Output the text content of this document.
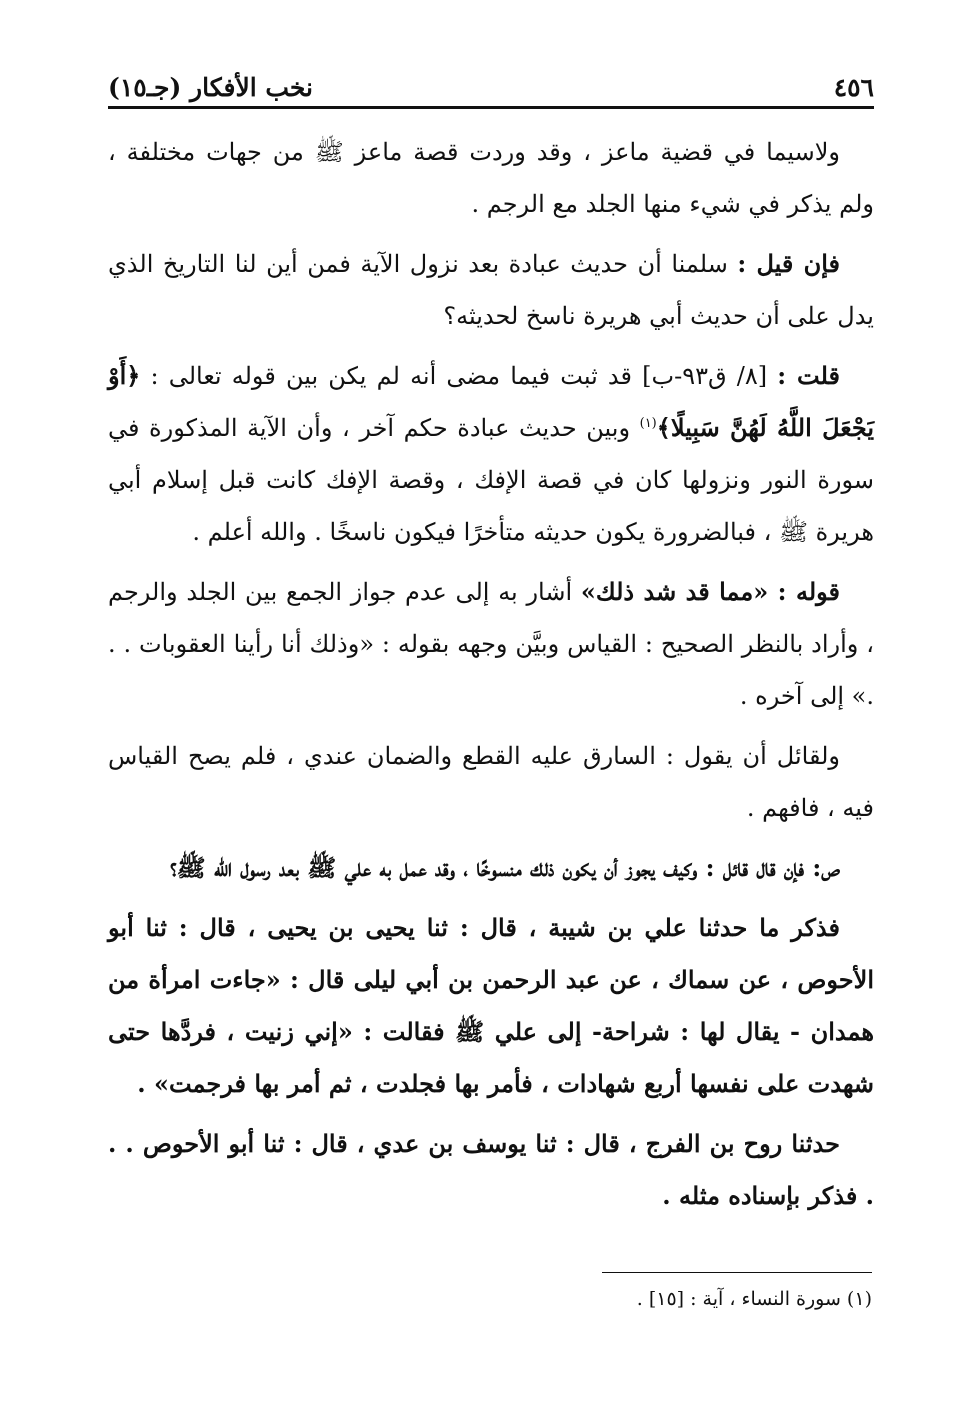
٤٥٦
نخب الأفكار (جـ١٥)

ولاسيما في قضية ماعز ، وقد وردت قصة ماعز ﷺ من جهات مختلفة ، ولم يذكر في شيء منها الجلد مع الرجم .

فإن قيل : سلمنا أن حديث عبادة بعد نزول الآية فمن أين لنا التاريخ الذي يدل على أن حديث أبي هريرة ناسخ لحديثه؟

قلت : [٨/ ق٩٣-ب] قد ثبت فيما مضى أنه لم يكن بين قوله تعالى : ﴿أَوْ يَجْعَلَ اللَّهُ لَهُنَّ سَبِيلًا﴾$^{(١)}$ وبين حديث عبادة حكم آخر ، وأن الآية المذكورة في سورة النور ونزولها كان في قصة الإفك ، وقصة الإفك كانت قبل إسلام أبي هريرة ﷺ ، فبالضرورة يكون حديثه متأخرًا فيكون ناسخًا . والله أعلم .

قوله : «مما قد شد ذلك» أشار به إلى عدم جواز الجمع بين الجلد والرجم ، وأراد بالنظر الصحيح : القياس وبيَّن وجهه بقوله : «وذلك أنا رأينا العقوبات . . .» إلى آخره .

ولقائل أن يقول : السارق عليه القطع والضمان عندي ، فلم يصح القياس فيه ، فافهم .

ص: فإن قال قائل : وكيف يجوز أن يكون ذلك منسوخًا ، وقد عمل به علي ﷺ بعد رسول الله ﷺ؟

فذكر ما حدثنا علي بن شيبة ، قال : ثنا يحيى بن يحيى ، قال : ثنا أبو الأحوص ، عن سماك ، عن عبد الرحمن بن أبي ليلى قال : «جاءت امرأة من همدان - يقال لها : شراحة- إلى علي ﷺ فقالت : «إني زنيت ، فردَّها حتى شهدت على نفسها أربع شهادات ، فأمر بها فجلدت ، ثم أمر بها فرجمت» .

حدثنا روح بن الفرج ، قال : ثنا يوسف بن عدي ، قال : ثنا أبو الأحوص . . . فذكر بإسناده مثله .

(١) سورة النساء ، آية : [١٥] .
